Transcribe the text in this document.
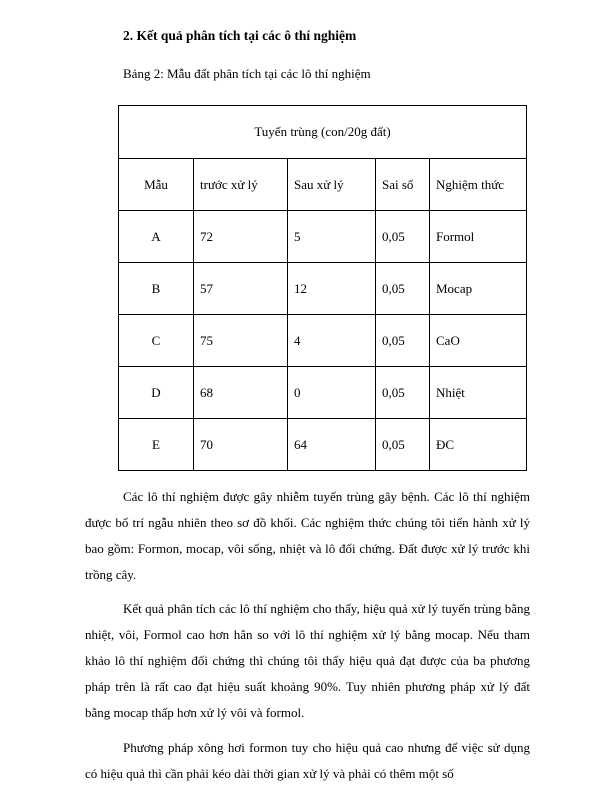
2. Kết quả phân tích tại các ô thí nghiệm
Bảng 2: Mẫu đất phân tích tại các lô thí nghiệm
Tuyến trùng (con/20g đất)				
Mẫu	trước xử lý	Sau xử lý	Sai số	Nghiệm thức
A	72	5	0,05	Formol
B	57	12	0,05	Mocap
C	75	4	0,05	CaO
D	68	0	0,05	Nhiệt
E	70	64	0,05	ĐC

Các lô thí nghiệm được gây nhiễm tuyến trùng gây bệnh. Các lô thí nghiệm được bố trí ngẫu nhiên theo sơ đồ khối. Các nghiệm thức chúng tôi tiến hành xử lý bao gồm: Formon, mocap, vôi sống, nhiệt và lô đối chứng. Đất được xử lý trước khi trồng cây.

Kết quả phân tích các lô thí nghiệm cho thấy, hiệu quả xử lý tuyến trùng bằng nhiệt, vôi, Formol cao hơn hẳn so với lô thí nghiệm xử lý bằng mocap. Nếu tham khảo lô thí nghiệm đối chứng thì chúng tôi thấy hiệu quả đạt được của ba phương pháp trên là rất cao đạt hiệu suất khoảng 90%. Tuy nhiên phương pháp xử lý đất bằng mocap thấp hơn xử lý vôi và formol.

Phương pháp xông hơi formon tuy cho hiệu quả cao nhưng để việc sử dụng có hiệu quả thì cần phải kéo dài thời gian xử lý và phải có thêm một số
